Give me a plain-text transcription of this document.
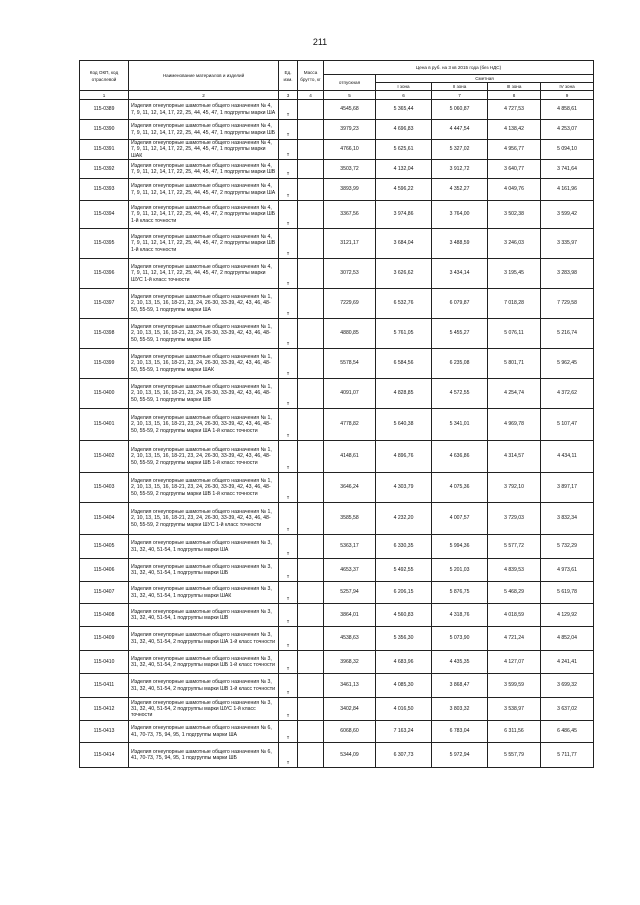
211
Код ОКП, код отраслевой	Наименование материалов и изделий	Ед. изм.	Масса брутто, кг	Цена в руб. на 3 кв 2015 года (без НДС)				
				отпускная	Сметная			
					I зона	II зона	III зона	IV зона
1	2	3	4	5	6	7	8	9
115-0389	Изделия огнеупорные шамотные общего назначения № 4, 7, 9, 11, 12, 14, 17, 22, 25, 44, 45, 47, 1 подгруппы марки ША	т		4545,68	5 365,44	5 060,87	4 727,53	4 858,61
115-0390	Изделия огнеупорные шамотные общего назначения № 4, 7, 9, 11, 12, 14, 17, 22, 25, 44, 45, 47, 1 подгруппы марки ШБ	т		3979,23	4 696,83	4 447,54	4 138,42	4 253,07
115-0391	Изделия огнеупорные шамотные общего назначения № 4, 7, 9, 11, 12, 14, 17, 22, 25, 44, 45, 47, 1 подгруппы марки ШАК	т		4766,10	5 625,61	5 327,02	4 956,77	5 094,10
115-0392	Изделия огнеупорные шамотные общего назначения № 4, 7, 9, 11, 12, 14, 17, 22, 25, 44, 45, 47, 1 подгруппы марки ШВ	т		3503,72	4 132,04	3 912,72	3 640,77	3 741,64
115-0393	Изделия огнеупорные шамотные общего назначения № 4, 7, 9, 11, 12, 14, 17, 22, 25, 44, 45, 47, 2 подгруппы марки ША	т		3893,99	4 596,22	4 352,27	4 049,76	4 161,96
115-0394	Изделия огнеупорные шамотные общего назначения № 4, 7, 9, 11, 12, 14, 17, 22, 25, 44, 45, 47, 2 подгруппы марки ШБ 1-й класс точности	т		3367,56	3 974,86	3 764,00	3 502,38	3 599,42
115-0395	Изделия огнеупорные шамотные общего назначения № 4, 7, 9, 11, 12, 14, 17, 22, 25, 44, 45, 47, 2 подгруппы марки ШВ 1-й класс точности	т		3121,17	3 684,04	3 488,59	3 246,03	3 335,97
115-0396	Изделия огнеупорные шамотные общего назначения № 4, 7, 9, 11, 12, 14, 17, 22, 25, 44, 45, 47, 2 подгруппы марки ШУС 1-й класс точности	т		3072,53	3 626,62	3 434,14	3 195,45	3 283,98
115-0397	Изделия огнеупорные шамотные общего назначения № 1, 2, 10, 13, 15, 16, 18-21, 23, 24, 26-30, 33-39, 42, 43, 46, 48-50, 55-59, 1 подгруппы марки ША	т		7229,69	6 532,76	6 079,87	7 018,28	7 729,58
115-0398	Изделия огнеупорные шамотные общего назначения № 1, 2, 10, 13, 15, 16, 18-21, 23, 24, 26-30, 33-39, 42, 43, 46, 48-50, 55-59, 1 подгруппы марки ШБ	т		4880,85	5 761,05	5 455,27	5 076,11	5 216,74
115-0399	Изделия огнеупорные шамотные общего назначения № 1, 2, 10, 13, 15, 16, 18-21, 23, 24, 26-30, 33-39, 42, 43, 46, 48-50, 55-59, 1 подгруппы марки ШАК	т		5578,54	6 584,56	6 235,08	5 801,71	5 962,45
115-0400	Изделия огнеупорные шамотные общего назначения № 1, 2, 10, 13, 15, 16, 18-21, 23, 24, 26-30, 33-39, 42, 43, 46, 48-50, 55-59, 1 подгруппы марки ШВ	т		4091,07	4 828,85	4 572,55	4 254,74	4 372,62
115-0401	Изделия огнеупорные шамотные общего назначения № 1, 2, 10, 13, 15, 16, 18-21, 23, 24, 26-30, 33-39, 42, 43, 46, 48-50, 55-59, 2 подгруппы марки ША 1-й класс точности	т		4778,82	5 640,38	5 341,01	4 969,78	5 107,47
115-0402	Изделия огнеупорные шамотные общего назначения № 1, 2, 10, 13, 15, 16, 18-21, 23, 24, 26-30, 33-39, 42, 43, 46, 48-50, 55-59, 2 подгруппы марки ШБ 1-й класс точности	т		4148,61	4 896,76	4 636,86	4 314,57	4 434,11
115-0403	Изделия огнеупорные шамотные общего назначения № 1, 2, 10, 13, 15, 16, 18-21, 23, 24, 26-30, 33-39, 42, 43, 46, 48-50, 55-59, 2 подгруппы марки ШВ 1-й класс точности	т		3646,24	4 303,79	4 075,36	3 792,10	3 897,17
115-0404	Изделия огнеупорные шамотные общего назначения № 1, 2, 10, 13, 15, 16, 18-21, 23, 24, 26-30, 33-39, 42, 43, 46, 48-50, 55-59, 2 подгруппы марки ШУС 1-й класс точности	т		3585,58	4 232,20	4 007,57	3 729,03	3 832,34
115-0405	Изделия огнеупорные шамотные общего назначения № 3, 31, 32, 40, 51-54, 1 подгруппы марки ША	т		5363,17	6 330,35	5 994,36	5 577,72	5 732,29
115-0406	Изделия огнеупорные шамотные общего назначения № 3, 31, 32, 40, 51-54, 1 подгруппы марки ШБ	т		4653,37	5 492,55	5 201,03	4 839,53	4 973,61
115-0407	Изделия огнеупорные шамотные общего назначения № 3, 31, 32, 40, 51-54, 1 подгруппы марки ШАК	т		5257,94	6 206,15	5 876,75	5 468,29	5 619,78
115-0408	Изделия огнеупорные шамотные общего назначения № 3, 31, 32, 40, 51-54, 1 подгруппы марки ШВ	т		3864,01	4 560,83	4 318,76	4 018,59	4 129,92
115-0409	Изделия огнеупорные шамотные общего назначения № 3, 31, 32, 40, 51-54, 2 подгруппы марки ША 1-й класс точности	т		4538,63	5 356,30	5 073,90	4 721,24	4 852,04
115-0410	Изделия огнеупорные шамотные общего назначения № 3, 31, 32, 40, 51-54, 2 подгруппы марки ШБ 1-й класс точности	т		3968,32	4 683,96	4 435,35	4 127,07	4 241,41
115-0411	Изделия огнеупорные шамотные общего назначения № 3, 31, 32, 40, 51-54, 2 подгруппы марки ШВ 1-й класс точности	т		3461,13	4 085,30	3 868,47	3 599,59	3 699,32
115-0412	Изделия огнеупорные шамотные общего назначения № 3, 31, 32, 40, 51-54, 2 подгруппы марки ШУС 1-й класс точности	т		3402,84	4 016,50	3 803,32	3 538,97	3 637,02
115-0413	Изделия огнеупорные шамотные общего назначения № 6, 41, 70-73, 75, 94, 95, 1 подгруппы марки ША	т		6068,60	7 163,24	6 783,04	6 311,56	6 486,45
115-0414	Изделия огнеупорные шамотные общего назначения № 6, 41, 70-73, 75, 94, 95, 1 подгруппы марки ШБ	т		5344,09	6 307,73	5 972,94	5 557,79	5 711,77
